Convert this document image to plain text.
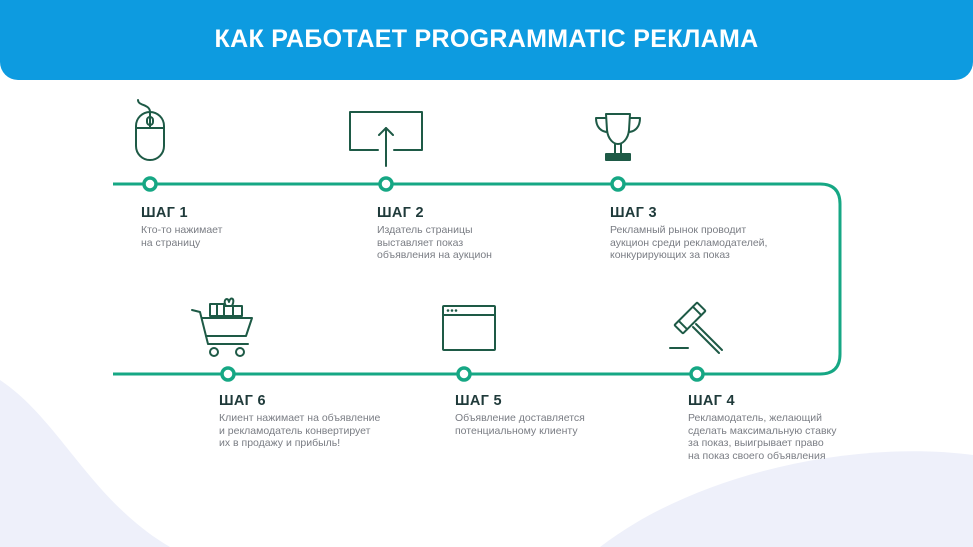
КАК РАБОТАЕТ PROGRAMMATIC РЕКЛАМА
ШАГ 1
Кто-то нажимает
на страницу
ШАГ 2
Издатель страницы
выставляет показ
объявления на аукцион
ШАГ 3
Рекламный рынок проводит
аукцион среди рекламодателей,
конкурирующих за показ
ШАГ 4
Рекламодатель, желающий
сделать максимальную ставку
за показ, выигрывает право
на показ своего объявления
ШАГ 5
Объявление доставляется
потенциальному клиенту
ШАГ 6
Клиент нажимает на объявление
и рекламодатель конвертирует
их в продажу и прибыль!
